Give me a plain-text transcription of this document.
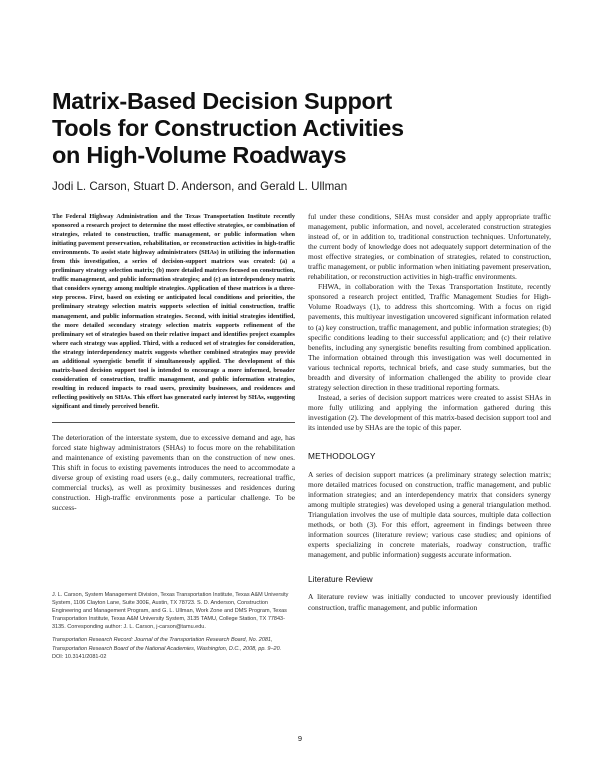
Matrix-Based Decision Support
Tools for Construction Activities
on High-Volume Roadways
Jodi L. Carson, Stuart D. Anderson, and Gerald L. Ullman

The Federal Highway Administration and the Texas Transportation Institute recently sponsored a research project to determine the most effective strategies, or combination of strategies, related to construction, traffic management, or public information when initiating pavement preservation, rehabilitation, or reconstruction activities in high-traffic environments. To assist state highway administrators (SHAs) in utilizing the information from this investigation, a series of decision-support matrices was created: (a) a preliminary strategy selection matrix; (b) more detailed matrices focused on construction, traffic management, and public information strategies; and (c) an interdependency matrix that considers synergy among multiple strategies. Application of these matrices is a three-step process. First, based on existing or anticipated local conditions and priorities, the preliminary strategy selection matrix supports selection of initial construction, traffic management, and public information strategies. Second, with initial strategies identified, the more detailed secondary strategy selection matrix supports refinement of the preliminary set of strategies based on their relative impact and identifies project examples where each strategy was applied. Third, with a reduced set of strategies for consideration, the strategy interdependency matrix suggests whether combined strategies may provide an additional synergistic benefit if simultaneously applied. The development of this matrix-based decision support tool is intended to encourage a more informed, broader consideration of construction, traffic management, and public information strategies, resulting in reduced impacts to road users, proximity businesses, and residences and reflecting positively on SHAs. This effort has generated early interest by SHAs, suggesting significant and timely perceived benefit.

The deterioration of the interstate system, due to excessive demand and age, has forced state highway administrators (SHAs) to focus more on the rehabilitation and maintenance of existing pavements than on the construction of new ones. This shift in focus to existing pavements introduces the need to accommodate a diverse group of existing road users (e.g., daily commuters, recreational traffic, commercial trucks), as well as proximity businesses and residences during construction. High-traffic environments pose a particular challenge. To be success-

J. L. Carson, System Management Division, Texas Transportation Institute, Texas A&M University System, 1106 Clayton Lane, Suite 300E, Austin, TX 78723. S. D. Anderson, Construction Engineering and Management Program, and G. L. Ullman, Work Zone and DMS Program, Texas Transportation Institute, Texas A&M University System, 3135 TAMU, College Station, TX 77843-3135. Corresponding author: J. L. Carson, j-carson@tamu.edu.

Transportation Research Record: Journal of the Transportation Research Board, No. 2081, Transportation Research Board of the National Academies, Washington, D.C., 2008, pp. 9–20.

DOI: 10.3141/2081-02

ful under these conditions, SHAs must consider and apply appropriate traffic management, public information, and novel, accelerated construction strategies instead of, or in addition to, traditional construction techniques. Unfortunately, the current body of knowledge does not adequately support determination of the most effective strategies, or combination of strategies, related to construction, traffic management, or public information when initiating pavement preservation, rehabilitation, or reconstruction activities in high-traffic environments.

FHWA, in collaboration with the Texas Transportation Institute, recently sponsored a research project entitled, Traffic Management Studies for High-Volume Roadways (1), to address this shortcoming. With a focus on rigid pavements, this multiyear investigation uncovered significant information related to (a) key construction, traffic management, and public information strategies; (b) specific conditions leading to their successful application; and (c) their relative benefits, including any synergistic benefits resulting from combined application. The information obtained through this investigation was well documented in various technical reports, technical briefs, and case study summaries, but the breadth and diversity of information challenged the ability to provide clear strategy selection direction in these traditional reporting formats.

Instead, a series of decision support matrices were created to assist SHAs in more fully utilizing and applying the information gathered during this investigation (2). The development of this matrix-based decision support tool and its intended use by SHAs are the topic of this paper.

METHODOLOGY

A series of decision support matrices (a preliminary strategy selection matrix; more detailed matrices focused on construction, traffic management, and public information strategies; and an interdependency matrix that considers synergy among multiple strategies) was developed using a general triangulation method. Triangulation involves the use of multiple data sources, multiple data collection methods, or both (3). For this effort, agreement in findings between three information sources (literature review; various case studies; and opinions of experts specializing in concrete materials, roadway construction, traffic management, and public information) suggests accurate information.

Literature Review

A literature review was initially conducted to uncover previously identified construction, traffic management, and public information

9
